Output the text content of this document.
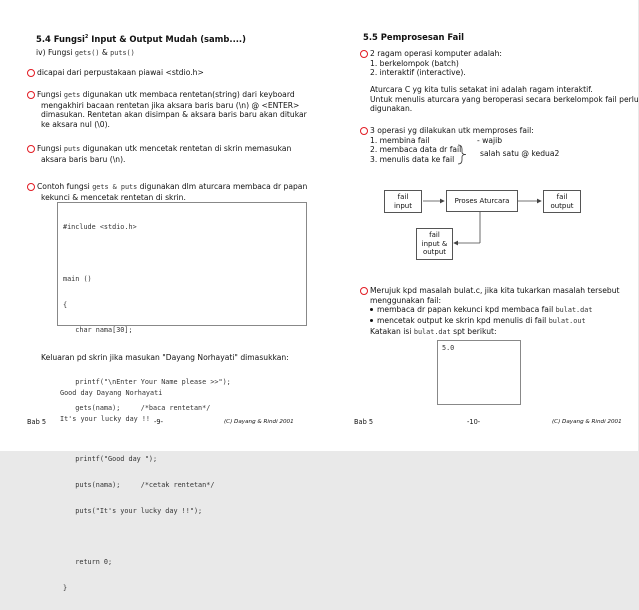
5.4 Fungsi$^2$ Input & Output Mudah (samb....)
iv) Fungsi gets() & puts()
dicapai dari perpustakaan piawai <stdio.h>
Fungsi gets digunakan utk membaca rentetan(string) dari keyboard
mengakhiri bacaan rentetan jika aksara baris baru (\n) @ <ENTER>
dimasukan. Rentetan akan disimpan & aksara baris baru akan ditukar
ke aksara nul (\0).
Fungsi puts digunakan utk mencetak rentetan di skrin memasukan
aksara baris baru (\n).
Contoh fungsi gets & puts digunakan dlm aturcara membaca dr papan
kekunci & mencetak rentetan di skrin.

#include <stdio.h>

main ()

{

char nama[30];

printf("\nEnter Your Name please >>");

gets(nama);     /*baca rentetan*/

printf("Good day ");

puts(nama);     /*cetak rentetan*/

puts("It's your lucky day !!");

return 0;

}

Keluaran pd skrin jika masukan "Dayang Norhayati" dimasukkan:

Good day Dayang Norhayati

It's your lucky day !!

Bab 5	-9-	(C) Dayang & Rindi 2001
5.5 Pemprosesan Fail
2 ragam operasi komputer adalah:
1. berkelompok (batch)
2. interaktif (interactive).
Aturcara C yg kita tulis setakat ini adalah ragam interaktif.
Untuk menulis aturcara yang beroperasi secara berkelompok fail perlu
digunakan.
3 operasi yg dilakukan utk memproses fail:
1. membina fail
2. membaca data dr fail
3. menulis data ke fail
- wajib
salah satu @ kedua2
fail
input
Proses Aturcara	fail
output
fail
input &
output
Merujuk kpd masalah bulat.c, jika kita tukarkan masalah tersebut
menggunakan fail:
membaca dr papan kekunci kpd membaca fail bulat.dat
mencetak output ke skrin kpd menulis di fail bulat.out
Katakan isi bulat.dat spt berikut:
5.0
Bab 5	-10-	(C) Dayang & Rindi 2001
